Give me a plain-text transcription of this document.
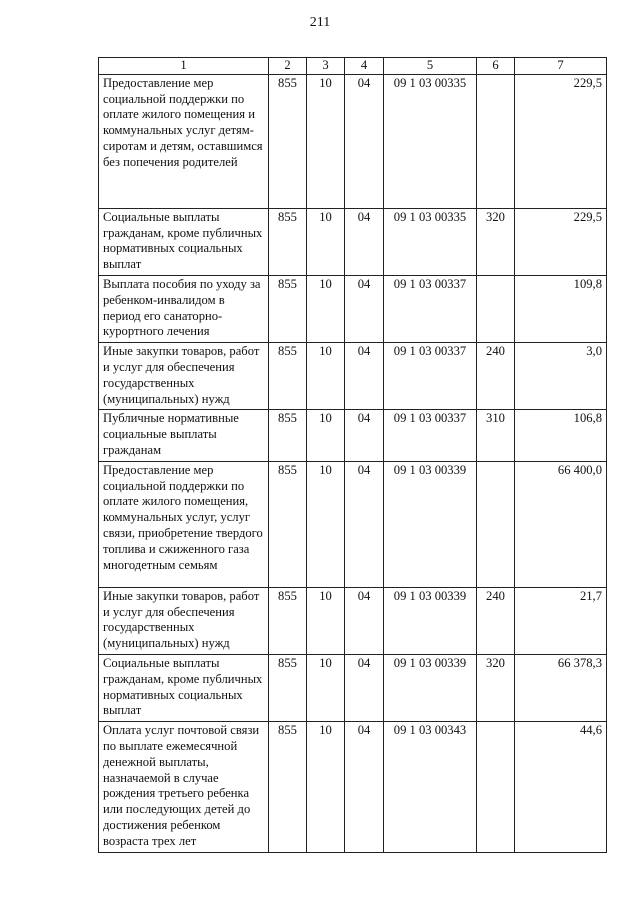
211
1	2	3	4	5	6	7
Предоставление мер социальной поддержки по оплате жилого помещения и коммунальных услуг детям-сиротам и детям, оставшимся без попечения родителей	855	10	04	09 1 03 00335		229,5
Социальные выплаты гражданам, кроме публичных нормативных социальных выплат	855	10	04	09 1 03 00335	320	229,5
Выплата пособия по уходу за ребенком-инвалидом в период его санаторно-курортного лечения	855	10	04	09 1 03 00337		109,8
Иные закупки товаров, работ и услуг для обеспечения государственных (муниципальных) нужд	855	10	04	09 1 03 00337	240	3,0
Публичные нормативные социальные выплаты гражданам	855	10	04	09 1 03 00337	310	106,8
Предоставление мер социальной поддержки по оплате жилого помещения, коммунальных услуг, услуг связи, приобретение твердого топлива и сжиженного газа многодетным семьям	855	10	04	09 1 03 00339		66 400,0
Иные закупки товаров, работ и услуг для обеспечения государственных (муниципальных) нужд	855	10	04	09 1 03 00339	240	21,7
Социальные выплаты гражданам, кроме публичных нормативных социальных выплат	855	10	04	09 1 03 00339	320	66 378,3
Оплата услуг почтовой связи по выплате ежемесячной денежной выплаты, назначаемой в случае рождения третьего ребенка или последующих детей до достижения ребенком возраста трех лет	855	10	04	09 1 03 00343		44,6
